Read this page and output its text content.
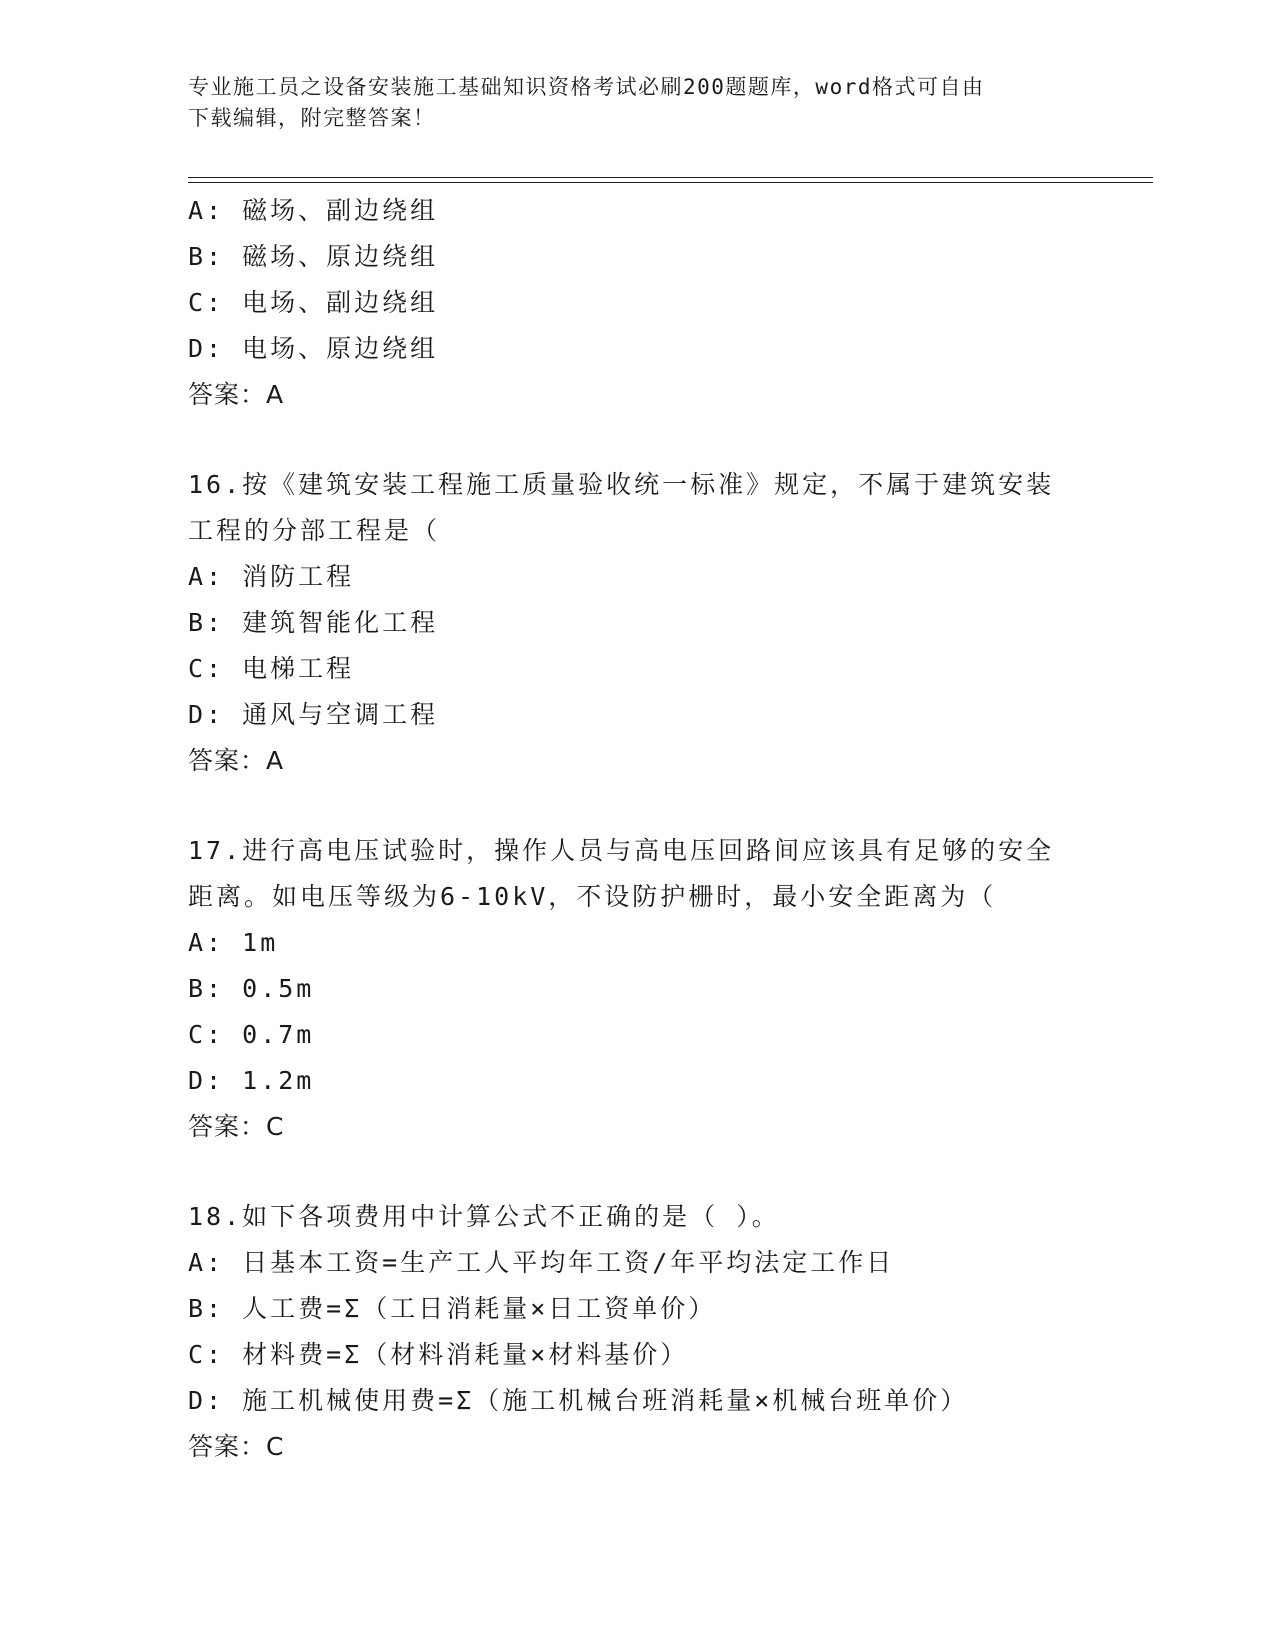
专业施工员之设备安装施工基础知识资格考试必刷200题题库，word格式可自由
下载编辑，附完整答案！
A: 磁场、副边绕组
B: 磁场、原边绕组
C: 电场、副边绕组
D: 电场、原边绕组
答案：A
16.按《建筑安装工程施工质量验收统一标准》规定，不属于建筑安装
工程的分部工程是（
A: 消防工程
B: 建筑智能化工程
C: 电梯工程
D: 通风与空调工程
答案：A
17.进行高电压试验时，操作人员与高电压回路间应该具有足够的安全
距离。如电压等级为6-10kV，不设防护栅时，最小安全距离为（
A: 1m
B: 0.5m
C: 0.7m
D: 1.2m
答案：C
18.如下各项费用中计算公式不正确的是（ ）。
A: 日基本工资=生产工人平均年工资/年平均法定工作日
B: 人工费=Σ（工日消耗量×日工资单价）
C: 材料费=Σ（材料消耗量×材料基价）
D: 施工机械使用费=Σ（施工机械台班消耗量×机械台班单价）
答案：C
